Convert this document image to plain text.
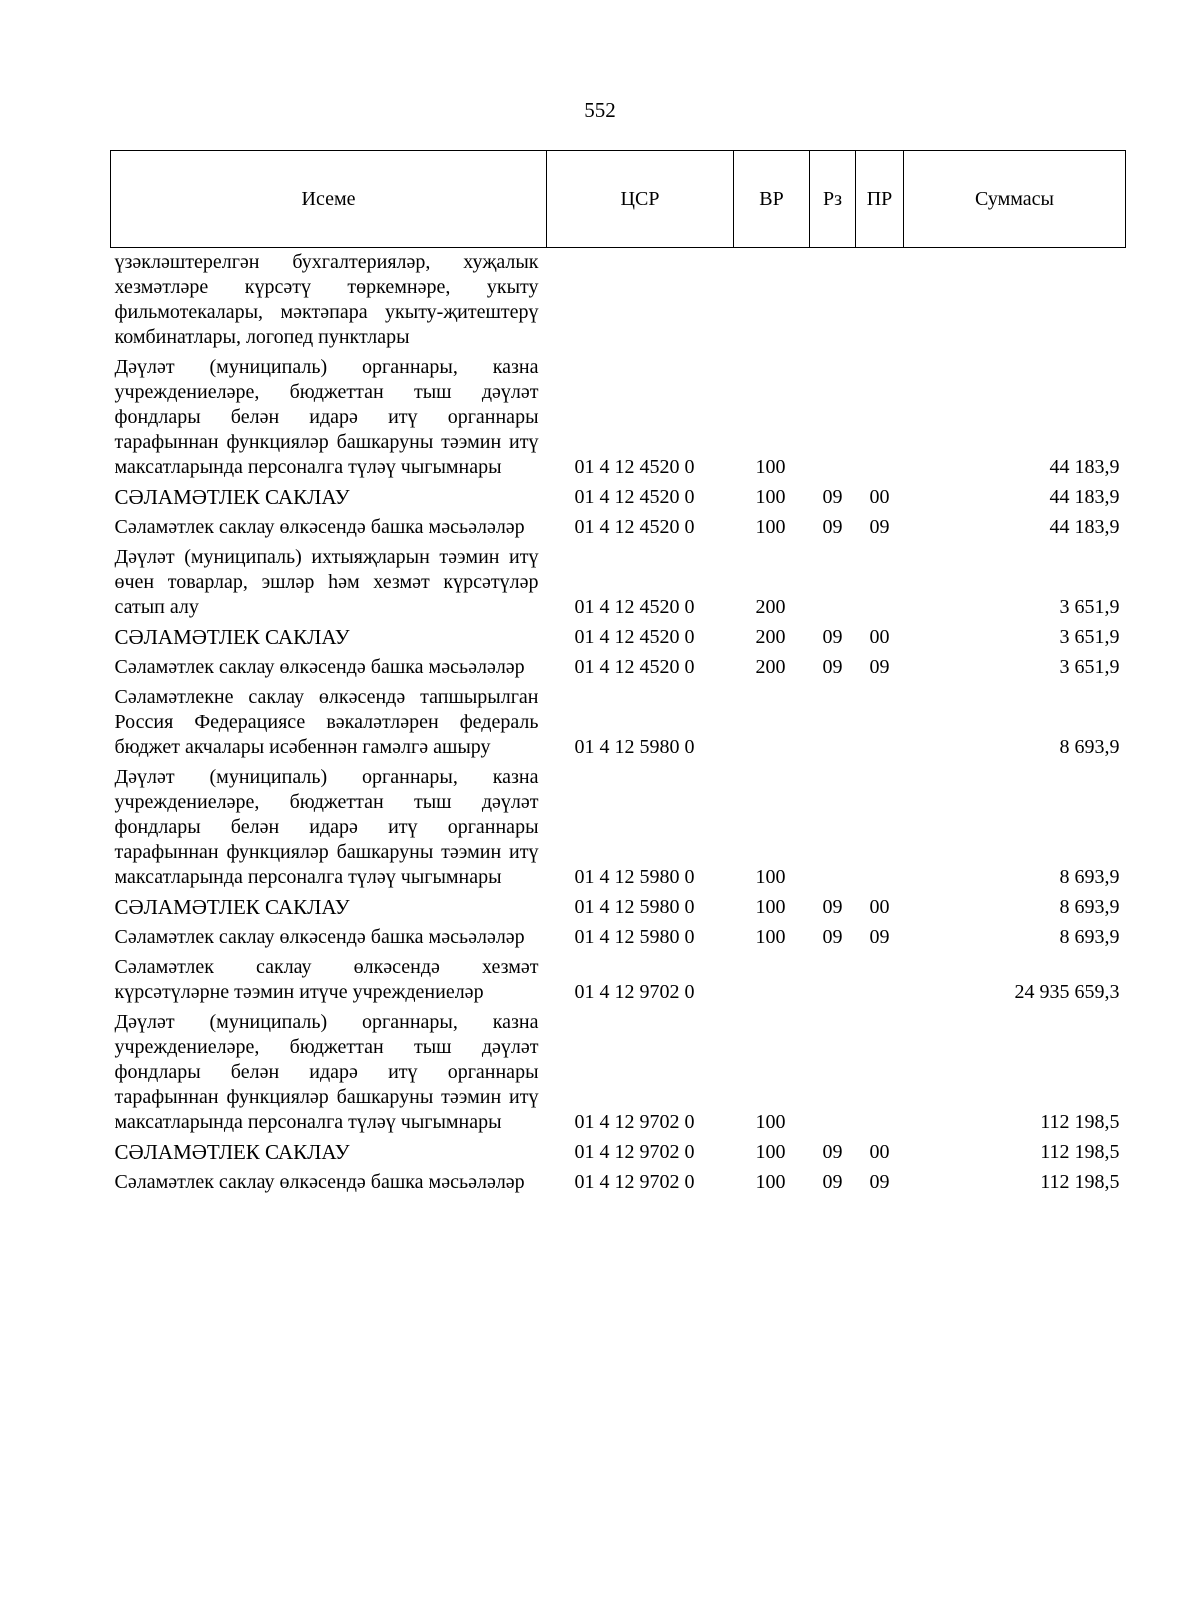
552
Исеме	ЦСР	ВР	Рз	ПР	Суммасы
үзәкләштерелгән бухгалтерияләр, хуҗалык хезмәтләре күрсәтү төркемнәре, укыту фильмотекалары, мәктәпара укыту-җитештерү комбинатлары, логопед пунктлары					
Дәүләт (муниципаль) органнары, казна учреждениеләре, бюджеттан тыш дәүләт фондлары белән идарә итү органнары тарафыннан функцияләр башкаруны тәэмин итү максатларында персоналга түләү чыгымнары	01 4 12 4520 0	100			44 183,9
СӘЛАМӘТЛЕК САКЛАУ	01 4 12 4520 0	100	09	00	44 183,9
Сәламәтлек саклау өлкәсендә башка мәсьәләләр	01 4 12 4520 0	100	09	09	44 183,9
Дәүләт (муниципаль) ихтыяҗларын тәэмин итү өчен товарлар, эшләр һәм хезмәт күрсәтүләр сатып алу	01 4 12 4520 0	200			3 651,9
СӘЛАМӘТЛЕК САКЛАУ	01 4 12 4520 0	200	09	00	3 651,9
Сәламәтлек саклау өлкәсендә башка мәсьәләләр	01 4 12 4520 0	200	09	09	3 651,9
Сәламәтлекне саклау өлкәсендә тапшырылган Россия Федерациясе вәкаләтләрен федераль бюджет акчалары исәбеннән гамәлгә ашыру	01 4 12 5980 0				8 693,9
Дәүләт (муниципаль) органнары, казна учреждениеләре, бюджеттан тыш дәүләт фондлары белән идарә итү органнары тарафыннан функцияләр башкаруны тәэмин итү максатларында персоналга түләү чыгымнары	01 4 12 5980 0	100			8 693,9
СӘЛАМӘТЛЕК САКЛАУ	01 4 12 5980 0	100	09	00	8 693,9
Сәламәтлек саклау өлкәсендә башка мәсьәләләр	01 4 12 5980 0	100	09	09	8 693,9
Сәламәтлек саклау өлкәсендә хезмәт күрсәтүләрне тәэмин итүче учреждениеләр	01 4 12 9702 0				24 935 659,3
Дәүләт (муниципаль) органнары, казна учреждениеләре, бюджеттан тыш дәүләт фондлары белән идарә итү органнары тарафыннан функцияләр башкаруны тәэмин итү максатларында персоналга түләү чыгымнары	01 4 12 9702 0	100			112 198,5
СӘЛАМӘТЛЕК САКЛАУ	01 4 12 9702 0	100	09	00	112 198,5
Сәламәтлек саклау өлкәсендә башка мәсьәләләр	01 4 12 9702 0	100	09	09	112 198,5
